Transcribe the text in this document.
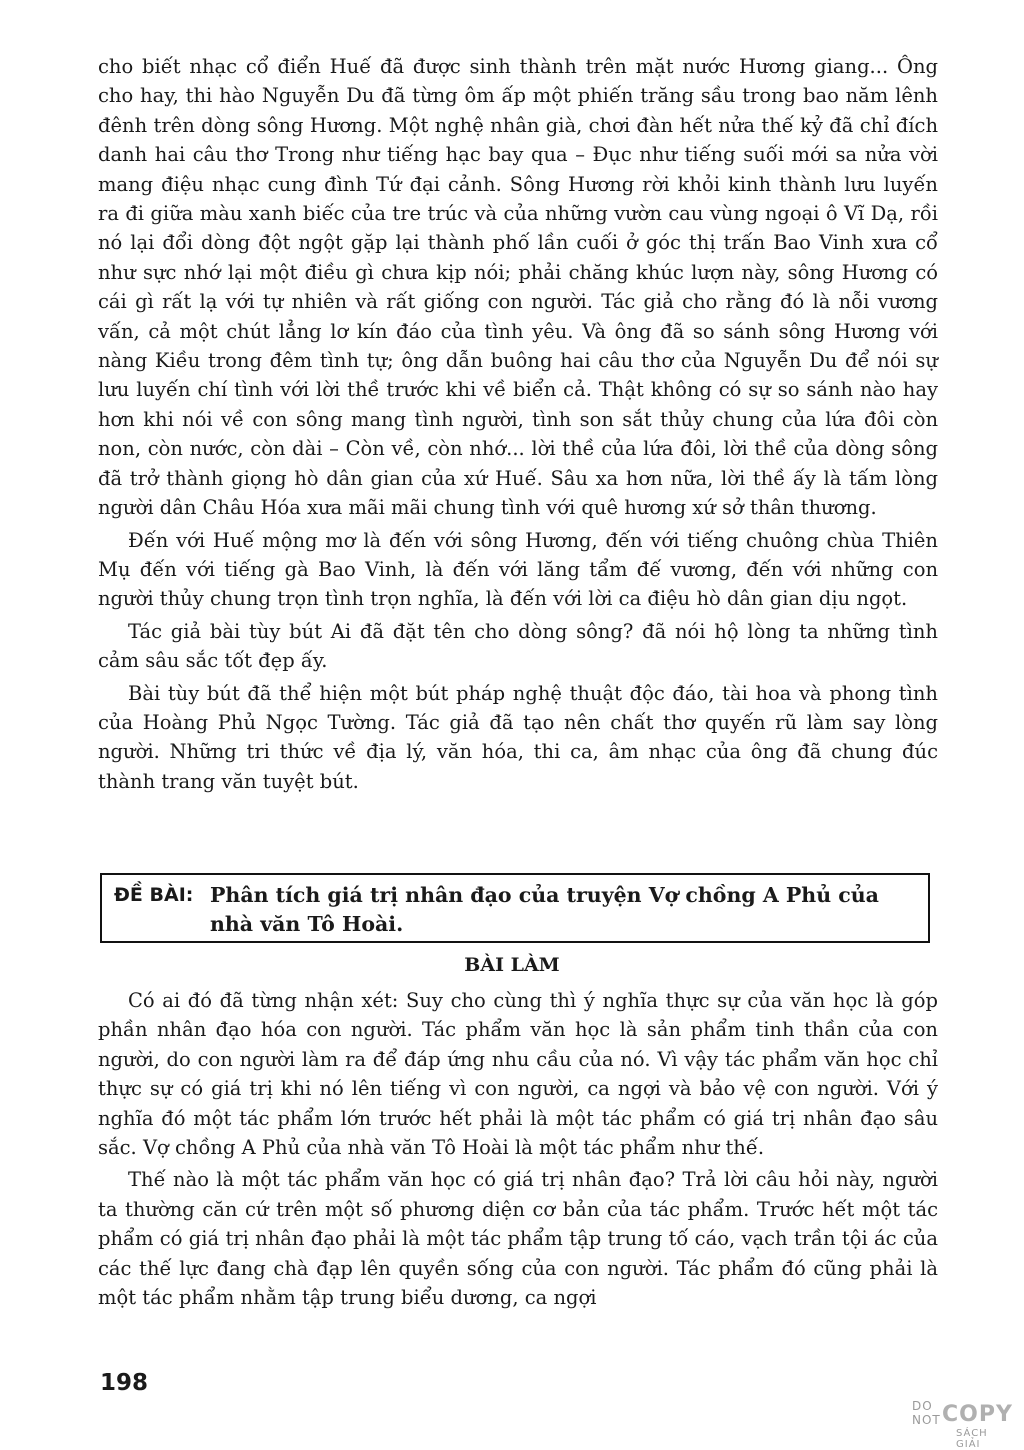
cho biết nhạc cổ điển Huế đã được sinh thành trên mặt nước Hương giang... Ông cho hay, thi hào Nguyễn Du đã từng ôm ấp một phiến trăng sầu trong bao năm lênh đênh trên dòng sông Hương. Một nghệ nhân già, chơi đàn hết nửa thế kỷ đã chỉ đích danh hai câu thơ Trong như tiếng hạc bay qua – Đục như tiếng suối mới sa nửa vời mang điệu nhạc cung đình Tứ đại cảnh. Sông Hương rời khỏi kinh thành lưu luyến ra đi giữa màu xanh biếc của tre trúc và của những vườn cau vùng ngoại ô Vĩ Dạ, rồi nó lại đổi dòng đột ngột gặp lại thành phố lần cuối ở góc thị trấn Bao Vinh xưa cổ như sực nhớ lại một điều gì chưa kịp nói; phải chăng khúc lượn này, sông Hương có cái gì rất lạ với tự nhiên và rất giống con người. Tác giả cho rằng đó là nỗi vương vấn, cả một chút lẳng lơ kín đáo của tình yêu. Và ông đã so sánh sông Hương với nàng Kiều trong đêm tình tự; ông dẫn buông hai câu thơ của Nguyễn Du để nói sự lưu luyến chí tình với lời thề trước khi về biển cả. Thật không có sự so sánh nào hay hơn khi nói về con sông mang tình người, tình son sắt thủy chung của lứa đôi còn non, còn nước, còn dài – Còn về, còn nhớ... lời thề của lứa đôi, lời thề của dòng sông đã trở thành giọng hò dân gian của xứ Huế. Sâu xa hơn nữa, lời thề ấy là tấm lòng người dân Châu Hóa xưa mãi mãi chung tình với quê hương xứ sở thân thương.

Đến với Huế mộng mơ là đến với sông Hương, đến với tiếng chuông chùa Thiên Mụ đến với tiếng gà Bao Vinh, là đến với lăng tẩm đế vương, đến với những con người thủy chung trọn tình trọn nghĩa, là đến với lời ca điệu hò dân gian dịu ngọt.

Tác giả bài tùy bút Ai đã đặt tên cho dòng sông? đã nói hộ lòng ta những tình cảm sâu sắc tốt đẹp ấy.

Bài tùy bút đã thể hiện một bút pháp nghệ thuật độc đáo, tài hoa và phong tình của Hoàng Phủ Ngọc Tường. Tác giả đã tạo nên chất thơ quyến rũ làm say lòng người. Những tri thức về địa lý, văn hóa, thi ca, âm nhạc của ông đã chung đúc thành trang văn tuyệt bút.

ĐỀ BÀI: Phân tích giá trị nhân đạo của truyện Vợ chồng A Phủ của nhà văn Tô Hoài.
BÀI LÀM

Có ai đó đã từng nhận xét: Suy cho cùng thì ý nghĩa thực sự của văn học là góp phần nhân đạo hóa con người. Tác phẩm văn học là sản phẩm tinh thần của con người, do con người làm ra để đáp ứng nhu cầu của nó. Vì vậy tác phẩm văn học chỉ thực sự có giá trị khi nó lên tiếng vì con người, ca ngợi và bảo vệ con người. Với ý nghĩa đó một tác phẩm lớn trước hết phải là một tác phẩm có giá trị nhân đạo sâu sắc. Vợ chồng A Phủ của nhà văn Tô Hoài là một tác phẩm như thế.

Thế nào là một tác phẩm văn học có giá trị nhân đạo? Trả lời câu hỏi này, người ta thường căn cứ trên một số phương diện cơ bản của tác phẩm. Trước hết một tác phẩm có giá trị nhân đạo phải là một tác phẩm tập trung tố cáo, vạch trần tội ác của các thế lực đang chà đạp lên quyền sống của con người. Tác phẩm đó cũng phải là một tác phẩm nhằm tập trung biểu dương, ca ngợi

198
DO
NOT COPY
SÁCH GIẢI
